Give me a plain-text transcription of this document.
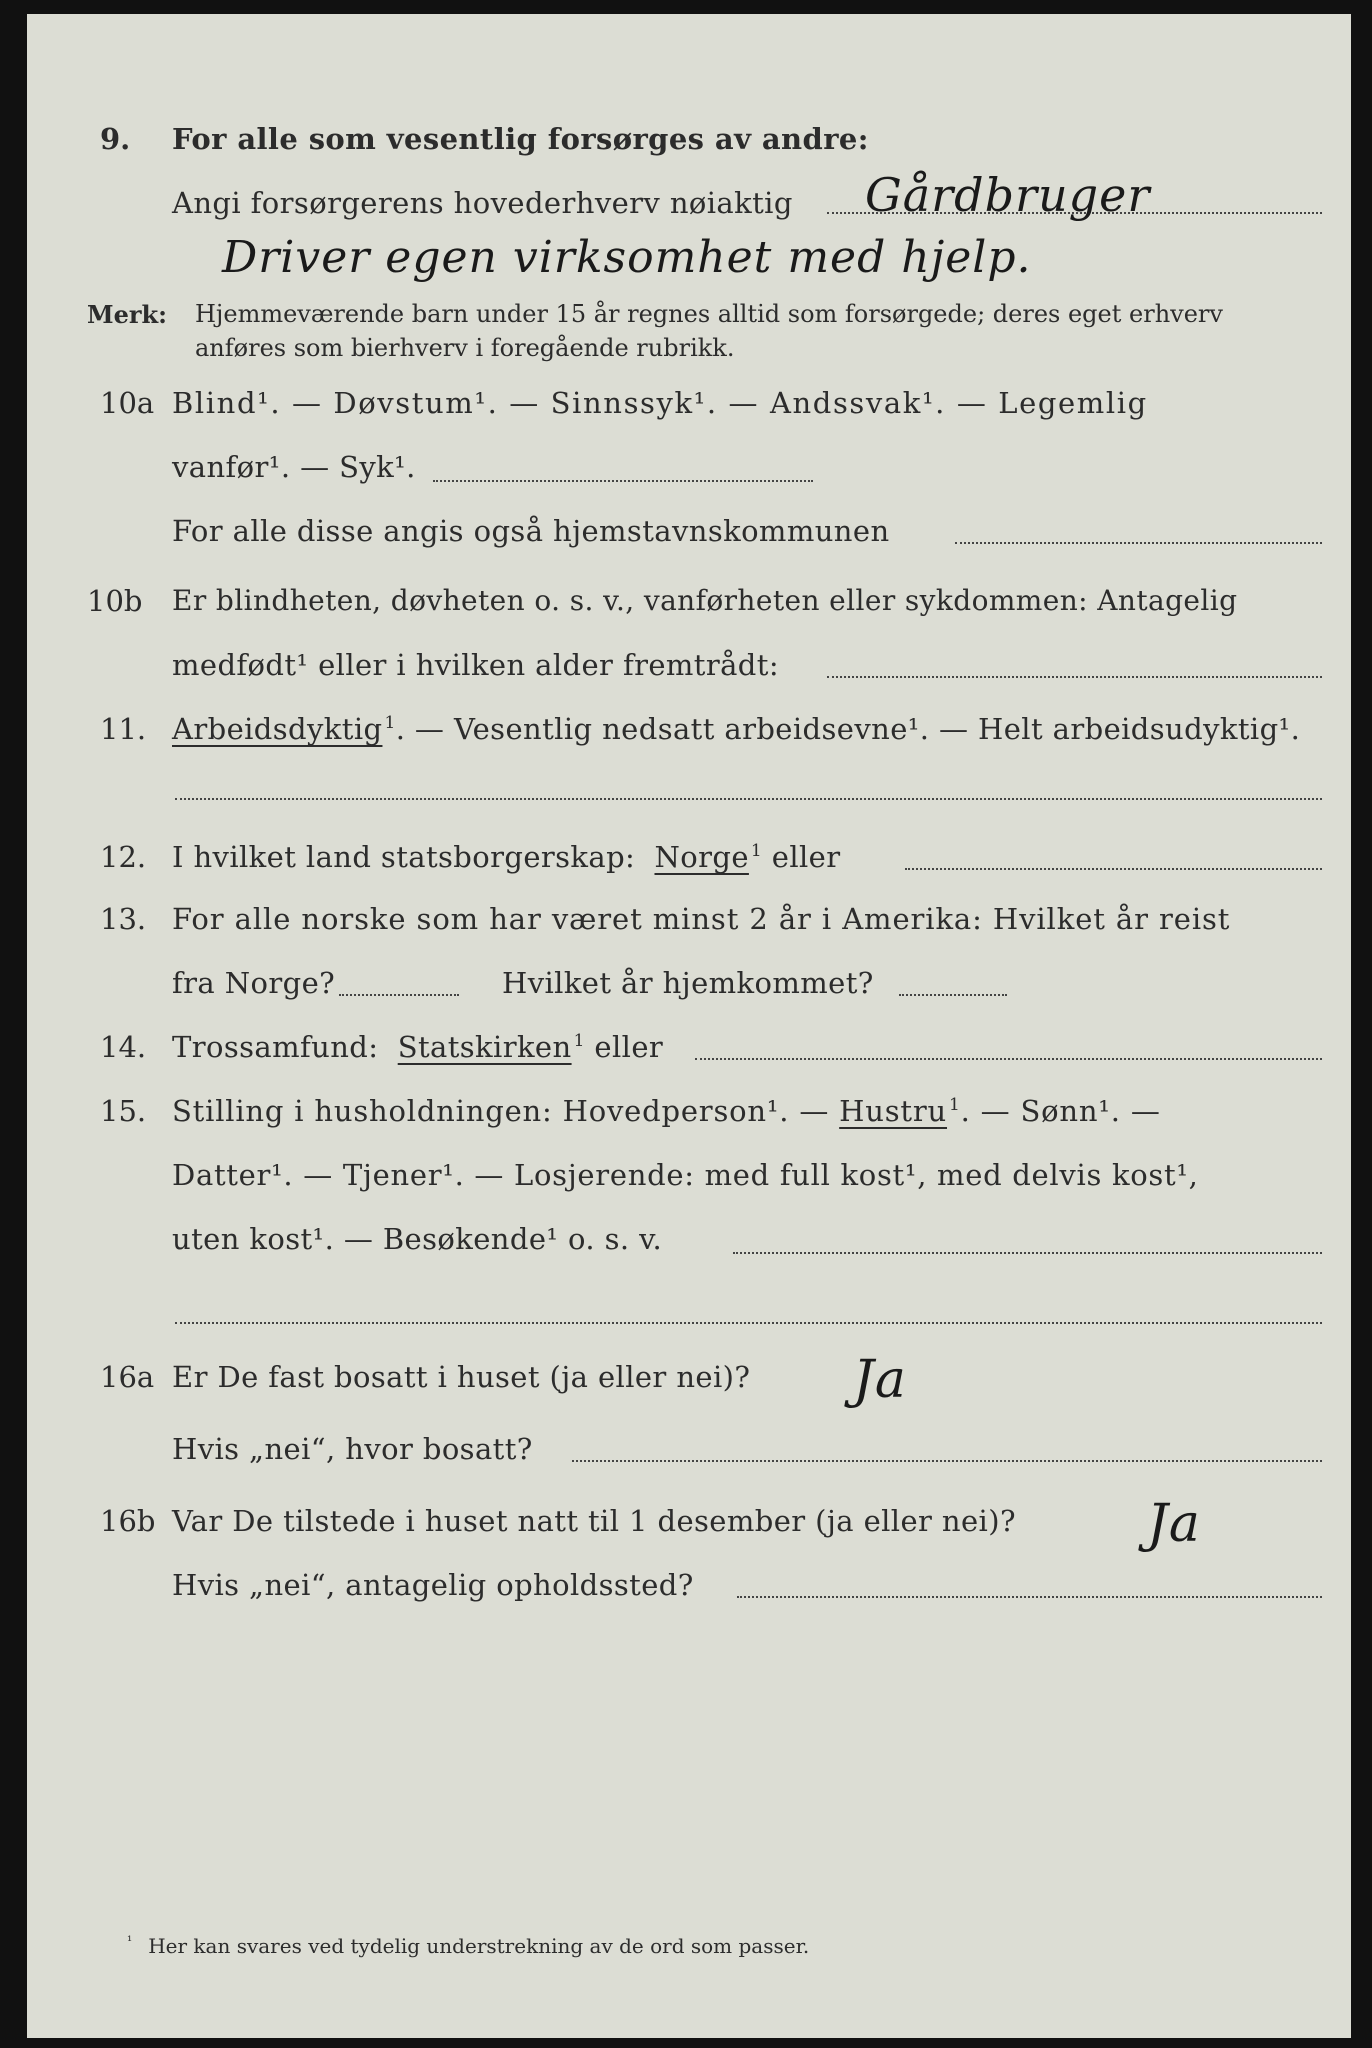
9. For alle som vesentlig forsørges av andre:
Angi forsørgerens hovederhverv nøiaktig Gårdbruger
Driver egen virksomhet med hjelp.
Merk: Hjemmeværende barn under 15 år regnes alltid som forsørgede; deres eget erhverv
anføres som bierhverv i foregående rubrikk.
10a Blind¹. — Døvstum¹. — Sinnssyk¹. — Andssvak¹. — Legemlig
vanfør¹. — Syk¹.
For alle disse angis også hjemstavnskommunen
10b Er blindheten, døvheten o. s. v., vanførheten eller sykdommen: Antagelig
medfødt¹ eller i hvilken alder fremtrådt:
11. Arbeidsdyktig $^1$. — Vesentlig nedsatt arbeidsevne¹. — Helt arbeidsudyktig¹.
12. I hvilket land statsborgerskap: Norge $^1$ eller
13. For alle norske som har været minst 2 år i Amerika: Hvilket år reist
fra Norge?	Hvilket år hjemkommet?
14. Trossamfund: Statskirken $^1$ eller
15. Stilling i husholdningen: Hovedperson¹. — Hustru $^1$. — Sønn¹. —
Datter¹. — Tjener¹. — Losjerende: med full kost¹, med delvis kost¹,
uten kost¹. — Besøkende¹ o. s. v.
16a Er De fast bosatt i huset (ja eller nei)? Ja
Hvis „nei“, hvor bosatt?
16b Var De tilstede i huset natt til 1 desember (ja eller nei)?	Ja
Hvis „nei“, antagelig opholdssted?
$^{^1}$ Her kan svares ved tydelig understrekning av de ord som passer.
